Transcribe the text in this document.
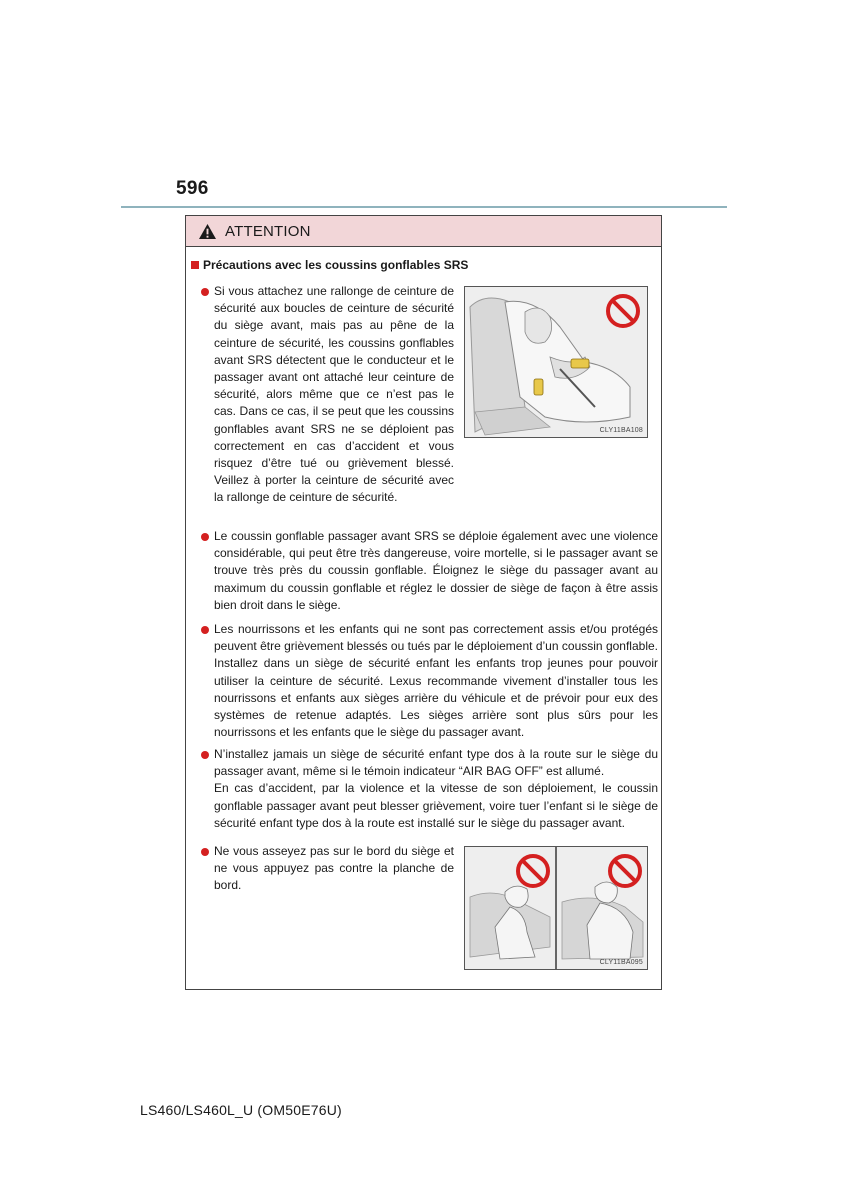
596
ATTENTION
Précautions avec les coussins gonflables SRS
Si vous attachez une rallonge de ceinture de sécurité aux boucles de ceinture de sécurité du siège avant, mais pas au pêne de la ceinture de sécurité, les coussins gonflables avant SRS détectent que le conducteur et le passager avant ont attaché leur ceinture de sécurité, alors même que ce n’est pas le cas. Dans ce cas, il se peut que les coussins gonflables avant SRS ne se déploient pas correctement en cas d’accident et vous risquez d’être tué ou grièvement blessé. Veillez à porter la ceinture de sécurité avec la rallonge de ceinture de sécurité.
CLY11BA108
Le coussin gonflable passager avant SRS se déploie également avec une violence considérable, qui peut être très dangereuse, voire mortelle, si le passager avant se trouve très près du coussin gonflable. Éloignez le siège du passager avant au maximum du coussin gonflable et réglez le dossier de siège de façon à être assis bien droit dans le siège.
Les nourrissons et les enfants qui ne sont pas correctement assis et/ou protégés peuvent être grièvement blessés ou tués par le déploiement d’un coussin gonflable. Installez dans un siège de sécurité enfant les enfants trop jeunes pour pouvoir utiliser la ceinture de sécurité. Lexus recommande vivement d’installer tous les nourrissons et enfants aux sièges arrière du véhicule et de prévoir pour eux des systèmes de retenue adaptés. Les sièges arrière sont plus sûrs pour les nourrissons et les enfants que le siège du passager avant.
N’installez jamais un siège de sécurité enfant type dos à la route sur le siège du passager avant, même si le témoin indicateur “AIR BAG OFF” est allumé.
En cas d’accident, par la violence et la vitesse de son déploiement, le coussin gonflable passager avant peut blesser grièvement, voire tuer l’enfant si le siège de sécurité enfant type dos à la route est installé sur le siège du passager avant.
Ne vous asseyez pas sur le bord du siège et ne vous appuyez pas contre la planche de bord.
CLY11BA095
LS460/LS460L_U (OM50E76U)
